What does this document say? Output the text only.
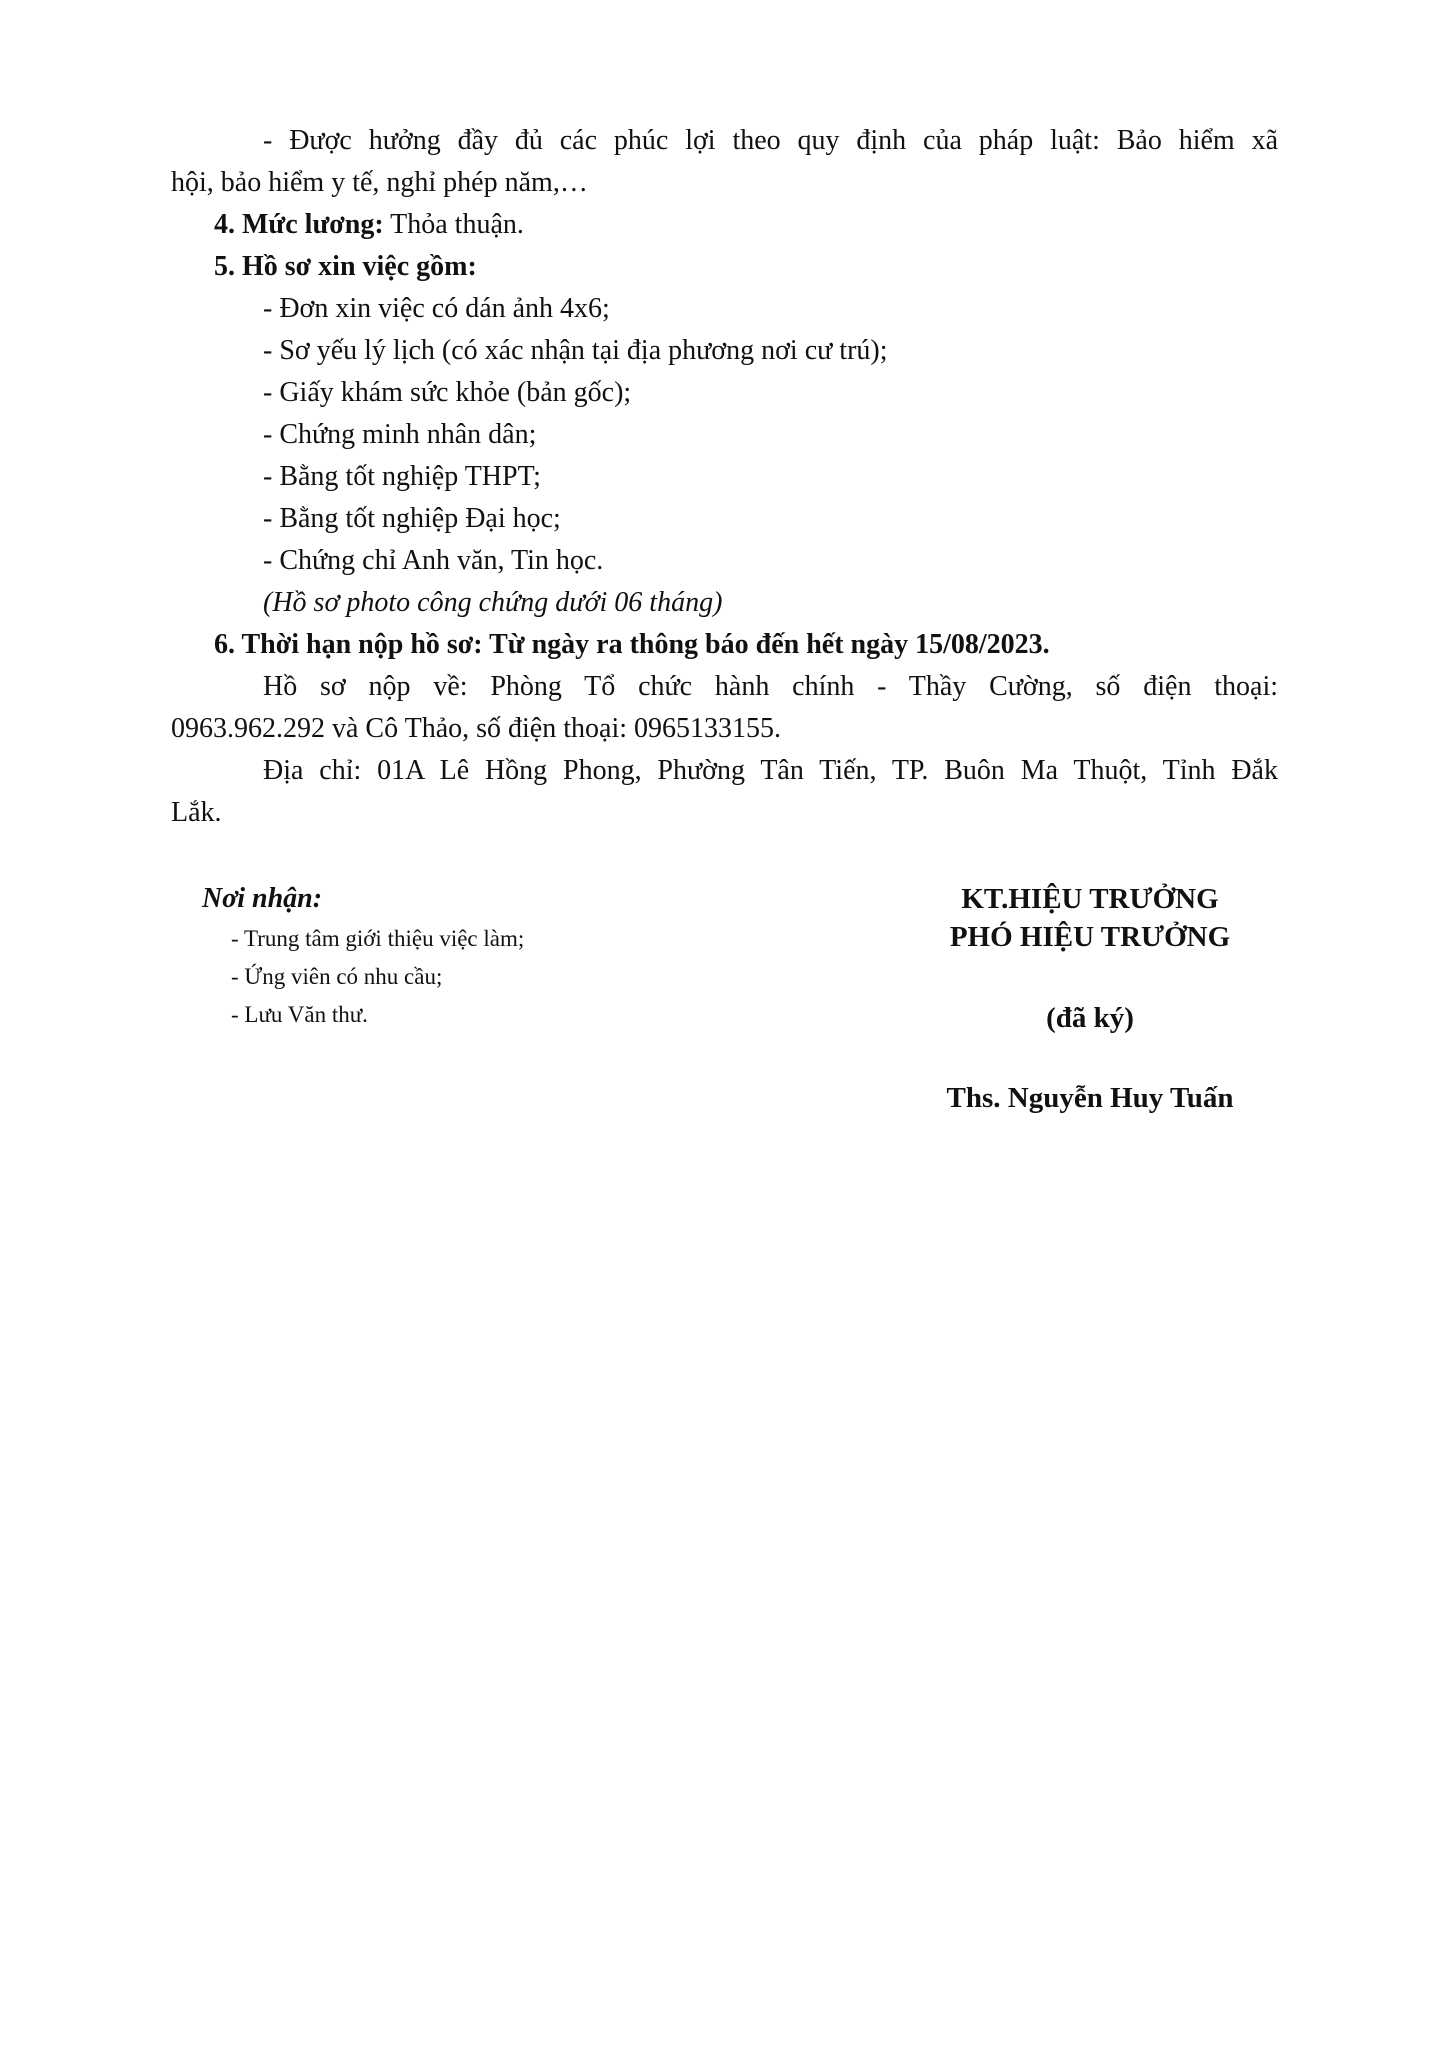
- Được hưởng đầy đủ các phúc lợi theo quy định của pháp luật: Bảo hiểm xã
hội, bảo hiểm y tế, nghỉ phép năm,…
4. Mức lương: Thỏa thuận.
5. Hồ sơ xin việc gồm:
- Đơn xin việc có dán ảnh 4x6;
- Sơ yếu lý lịch (có xác nhận tại địa phương nơi cư trú);
- Giấy khám sức khỏe (bản gốc);
- Chứng minh nhân dân;
- Bằng tốt nghiệp THPT;
- Bằng tốt nghiệp Đại học;
- Chứng chỉ Anh văn, Tin học.
(Hồ sơ photo công chứng dưới 06 tháng)
6. Thời hạn nộp hồ sơ: Từ ngày ra thông báo đến hết ngày 15/08/2023.
Hồ sơ nộp về: Phòng Tổ chức hành chính - Thầy Cường, số điện thoại:
0963.962.292 và Cô Thảo, số điện thoại: 0965133155.
Địa chỉ: 01A Lê Hồng Phong, Phường Tân Tiến, TP. Buôn Ma Thuột, Tỉnh Đắk
Lắk.
Nơi nhận:
- Trung tâm giới thiệu việc làm;
- Ứng viên có nhu cầu;
- Lưu Văn thư.
KT.HIỆU TRƯỞNG
PHÓ HIỆU TRƯỞNG
(đã ký)
Ths. Nguyễn Huy Tuấn
